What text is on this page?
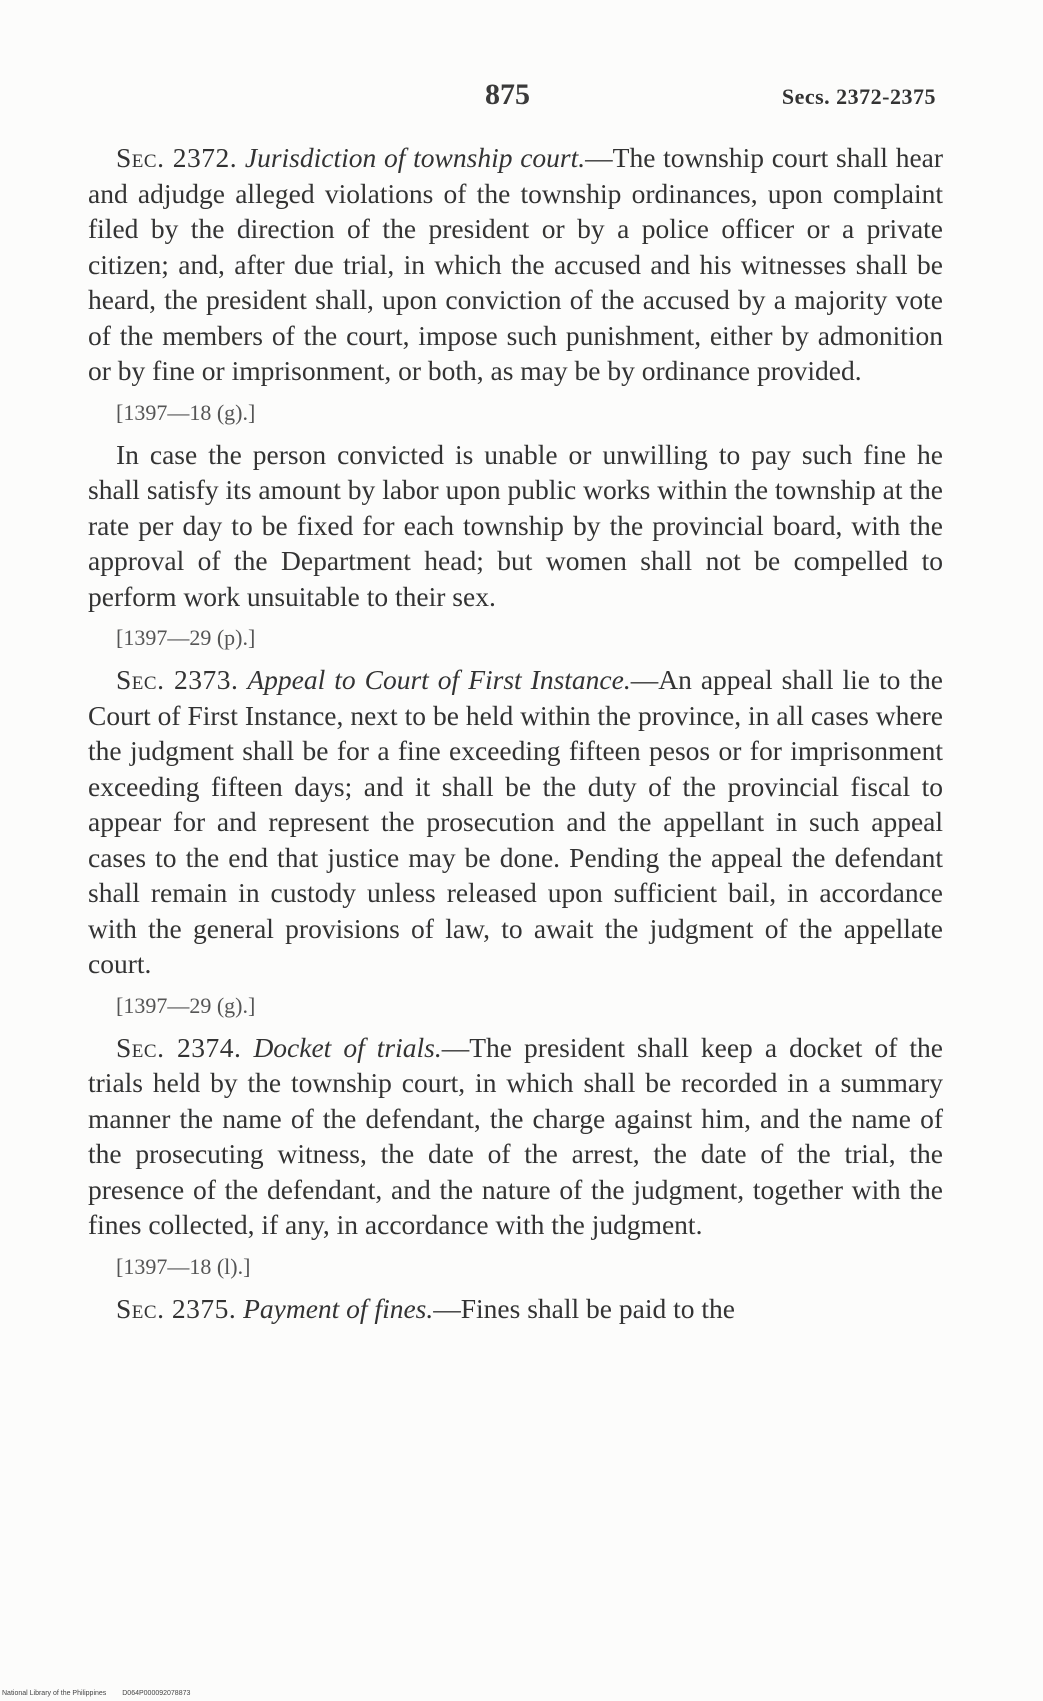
875	Secs. 2372-2375

Sec. 2372. Jurisdiction of township court.—The township court shall hear and adjudge alleged violations of the township ordinances, upon complaint filed by the direction of the president or by a police officer or a private citizen; and, after due trial, in which the accused and his witnesses shall be heard, the president shall, upon conviction of the accused by a majority vote of the members of the court, impose such punishment, either by admonition or by fine or imprisonment, or both, as may be by ordinance provided.

[1397—18 (g).]

In case the person convicted is unable or unwilling to pay such fine he shall satisfy its amount by labor upon public works within the township at the rate per day to be fixed for each township by the provincial board, with the approval of the Department head; but women shall not be compelled to perform work unsuitable to their sex.

[1397—29 (p).]

Sec. 2373. Appeal to Court of First Instance.—An appeal shall lie to the Court of First Instance, next to be held within the province, in all cases where the judgment shall be for a fine exceeding fifteen pesos or for imprisonment exceeding fifteen days; and it shall be the duty of the provincial fiscal to appear for and represent the prosecution and the appellant in such appeal cases to the end that justice may be done. Pending the appeal the defendant shall remain in custody unless released upon sufficient bail, in accordance with the general provisions of law, to await the judgment of the appellate court.

[1397—29 (g).]

Sec. 2374. Docket of trials.—The president shall keep a docket of the trials held by the township court, in which shall be recorded in a summary manner the name of the defendant, the charge against him, and the name of the prosecuting witness, the date of the arrest, the date of the trial, the presence of the defendant, and the nature of the judgment, together with the fines collected, if any, in accordance with the judgment.

[1397—18 (l).]

Sec. 2375. Payment of fines.—Fines shall be paid to the

National Library of the Philippines D064P000092078873
